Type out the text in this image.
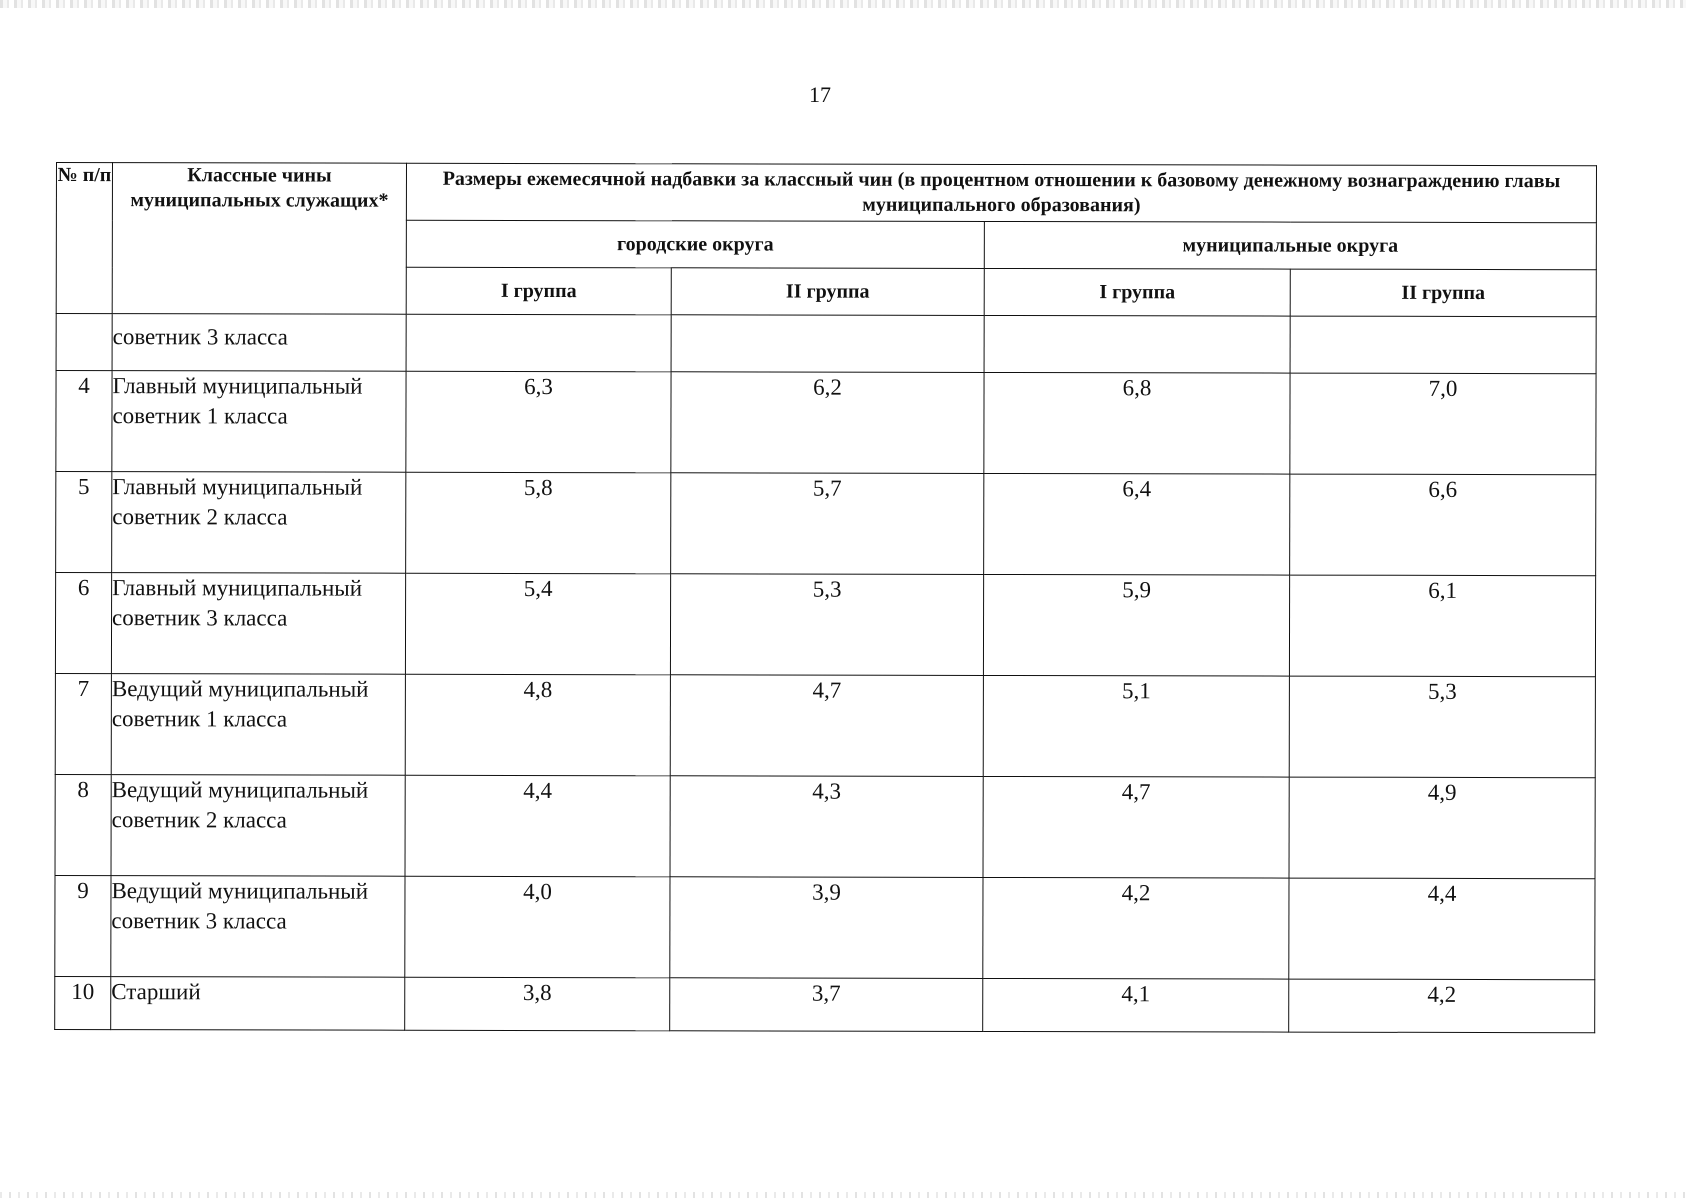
17
№ п/п	Классные чины муниципальных служащих*	Размеры ежемесячной надбавки за классный чин (в процентном отношении к базовому денежному вознаграждению главы муниципального образования)			
		городские округа		муниципальные округа	
		I группа	II группа	I группа	II группа
	советник 3 класса				
4	Главный муниципальный советник 1 класса	6,3	6,2	6,8	7,0
5	Главный муниципальный советник 2 класса	5,8	5,7	6,4	6,6
6	Главный муниципальный советник 3 класса	5,4	5,3	5,9	6,1
7	Ведущий муниципальный советник 1 класса	4,8	4,7	5,1	5,3
8	Ведущий муниципальный советник 2 класса	4,4	4,3	4,7	4,9
9	Ведущий муниципальный советник 3 класса	4,0	3,9	4,2	4,4
10	Старший	3,8	3,7	4,1	4,2
